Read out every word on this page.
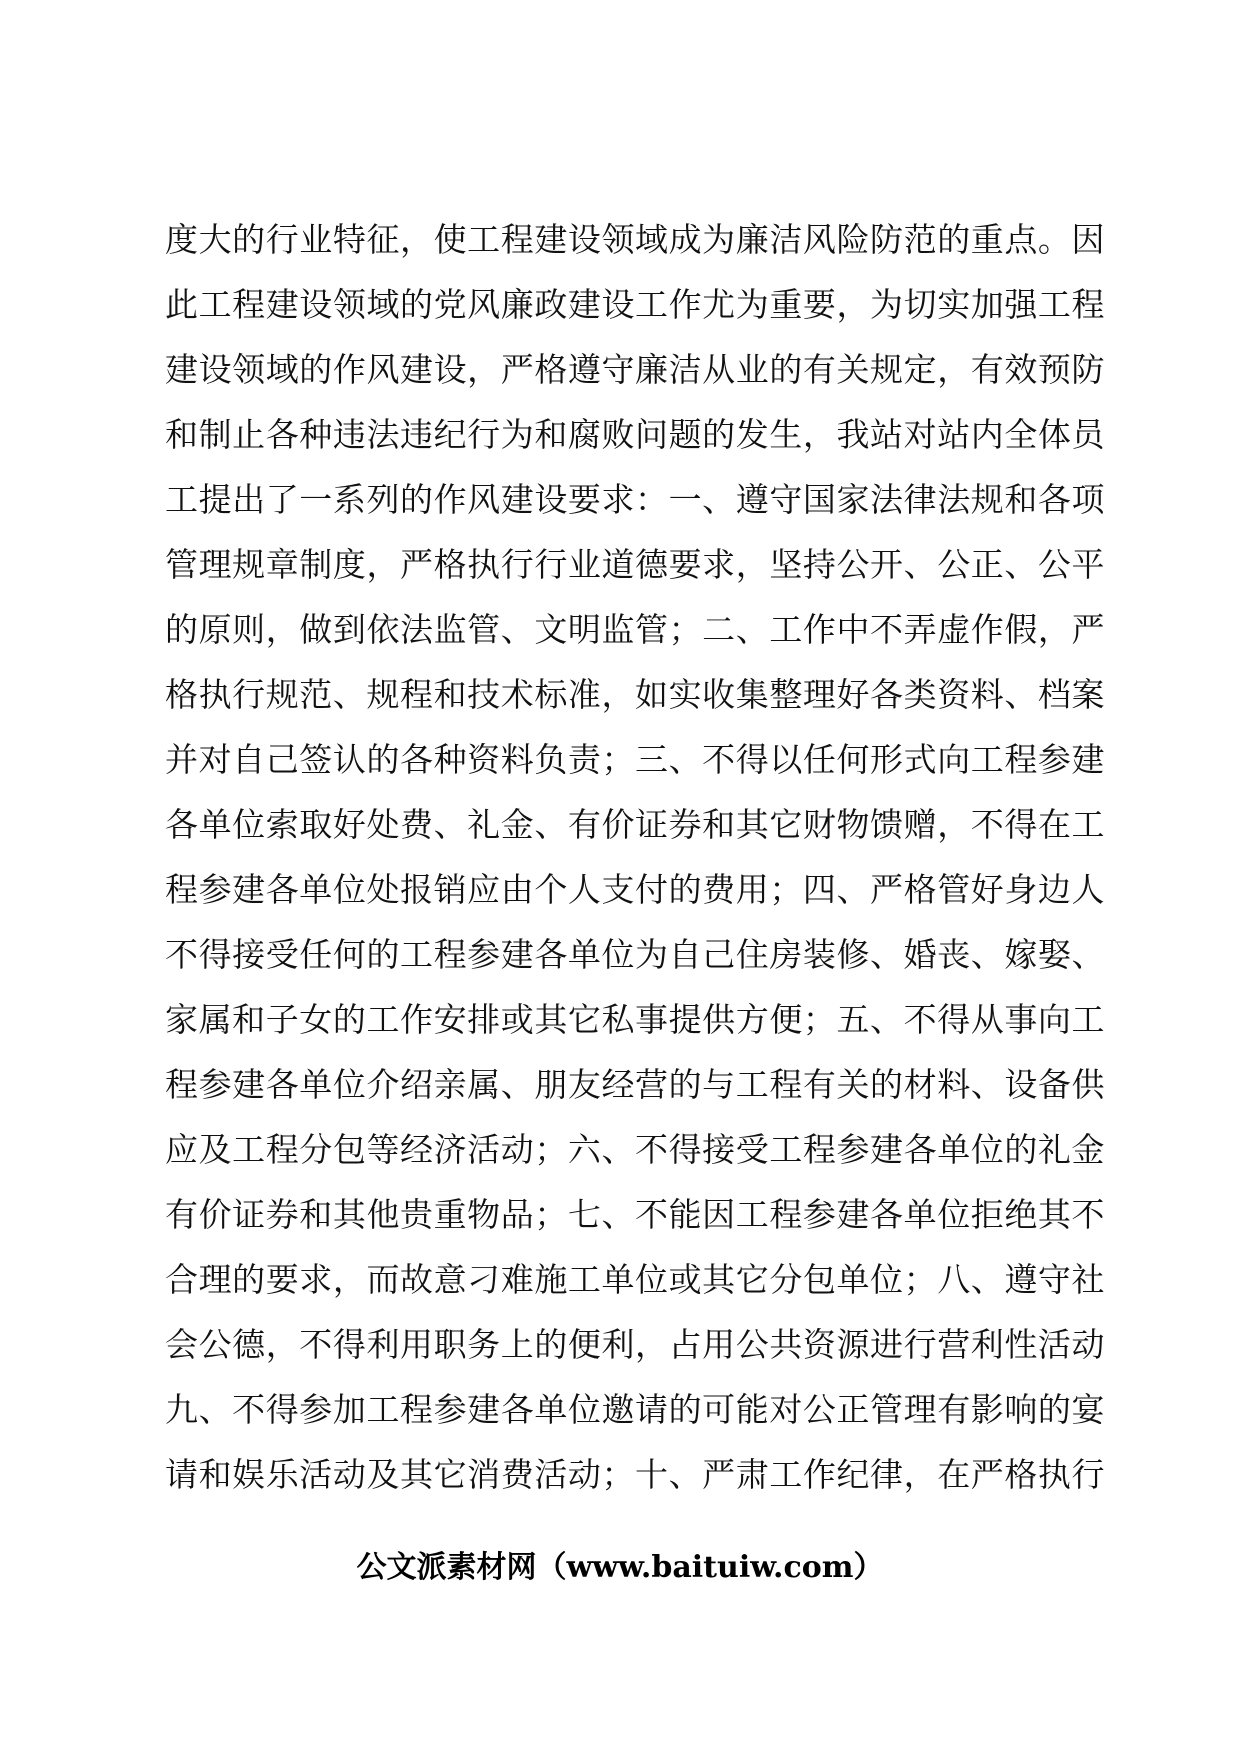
度大的行业特征，使工程建设领域成为廉洁风险防范的重点。因
此工程建设领域的党风廉政建设工作尤为重要，为切实加强工程
建设领域的作风建设，严格遵守廉洁从业的有关规定，有效预防
和制止各种违法违纪行为和腐败问题的发生，我站对站内全体员
工提出了一系列的作风建设要求：一、遵守国家法律法规和各项
管理规章制度，严格执行行业道德要求，坚持公开、公正、公平
的原则，做到依法监管、文明监管；二、工作中不弄虚作假，严
格执行规范、规程和技术标准，如实收集整理好各类资料、档案
并对自己签认的各种资料负责；三、不得以任何形式向工程参建
各单位索取好处费、礼金、有价证券和其它财物馈赠，不得在工
程参建各单位处报销应由个人支付的费用；四、严格管好身边人
不得接受任何的工程参建各单位为自己住房装修、婚丧、嫁娶、
家属和子女的工作安排或其它私事提供方便；五、不得从事向工
程参建各单位介绍亲属、朋友经营的与工程有关的材料、设备供
应及工程分包等经济活动；六、不得接受工程参建各单位的礼金
有价证券和其他贵重物品；七、不能因工程参建各单位拒绝其不
合理的要求，而故意刁难施工单位或其它分包单位；八、遵守社
会公德，不得利用职务上的便利，占用公共资源进行营利性活动
九、不得参加工程参建各单位邀请的可能对公正管理有影响的宴
请和娱乐活动及其它消费活动；十、严肃工作纪律，在严格执行
公文派素材网（www.baituiw.com）
